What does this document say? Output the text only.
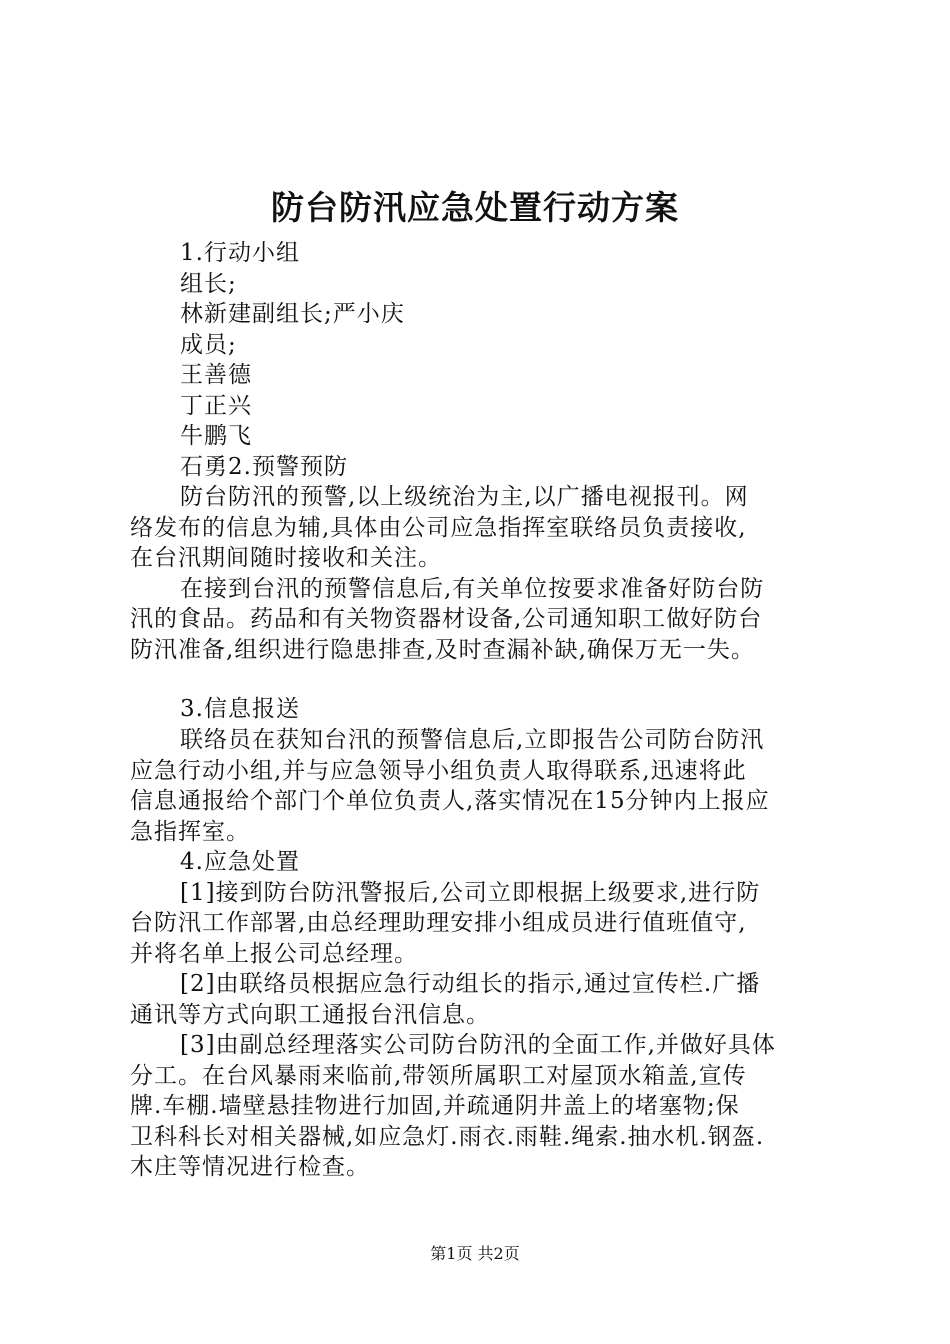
防台防汛应急处置行动方案
1.行动小组
组长;
林新建副组长;严小庆
成员;
王善德
丁正兴
牛鹏飞
石勇2.预警预防
防台防汛的预警,以上级统治为主,以广播电视报刊。网
络发布的信息为辅,具体由公司应急指挥室联络员负责接收,
在台汛期间随时接收和关注。
在接到台汛的预警信息后,有关单位按要求准备好防台防
汛的食品。药品和有关物资器材设备,公司通知职工做好防台
防汛准备,组织进行隐患排查,及时查漏补缺,确保万无一失。
3.信息报送
联络员在获知台汛的预警信息后,立即报告公司防台防汛
应急行动小组,并与应急领导小组负责人取得联系,迅速将此
信息通报给个部门个单位负责人,落实情况在15分钟内上报应
急指挥室。
4.应急处置
[1]接到防台防汛警报后,公司立即根据上级要求,进行防
台防汛工作部署,由总经理助理安排小组成员进行值班值守,
并将名单上报公司总经理。
[2]由联络员根据应急行动组长的指示,通过宣传栏.广播
通讯等方式向职工通报台汛信息。
[3]由副总经理落实公司防台防汛的全面工作,并做好具体
分工。在台风暴雨来临前,带领所属职工对屋顶水箱盖,宣传
牌.车棚.墙壁悬挂物进行加固,并疏通阴井盖上的堵塞物;保
卫科科长对相关器械,如应急灯.雨衣.雨鞋.绳索.抽水机.钢盔.
木庄等情况进行检查。
第1页 共2页
